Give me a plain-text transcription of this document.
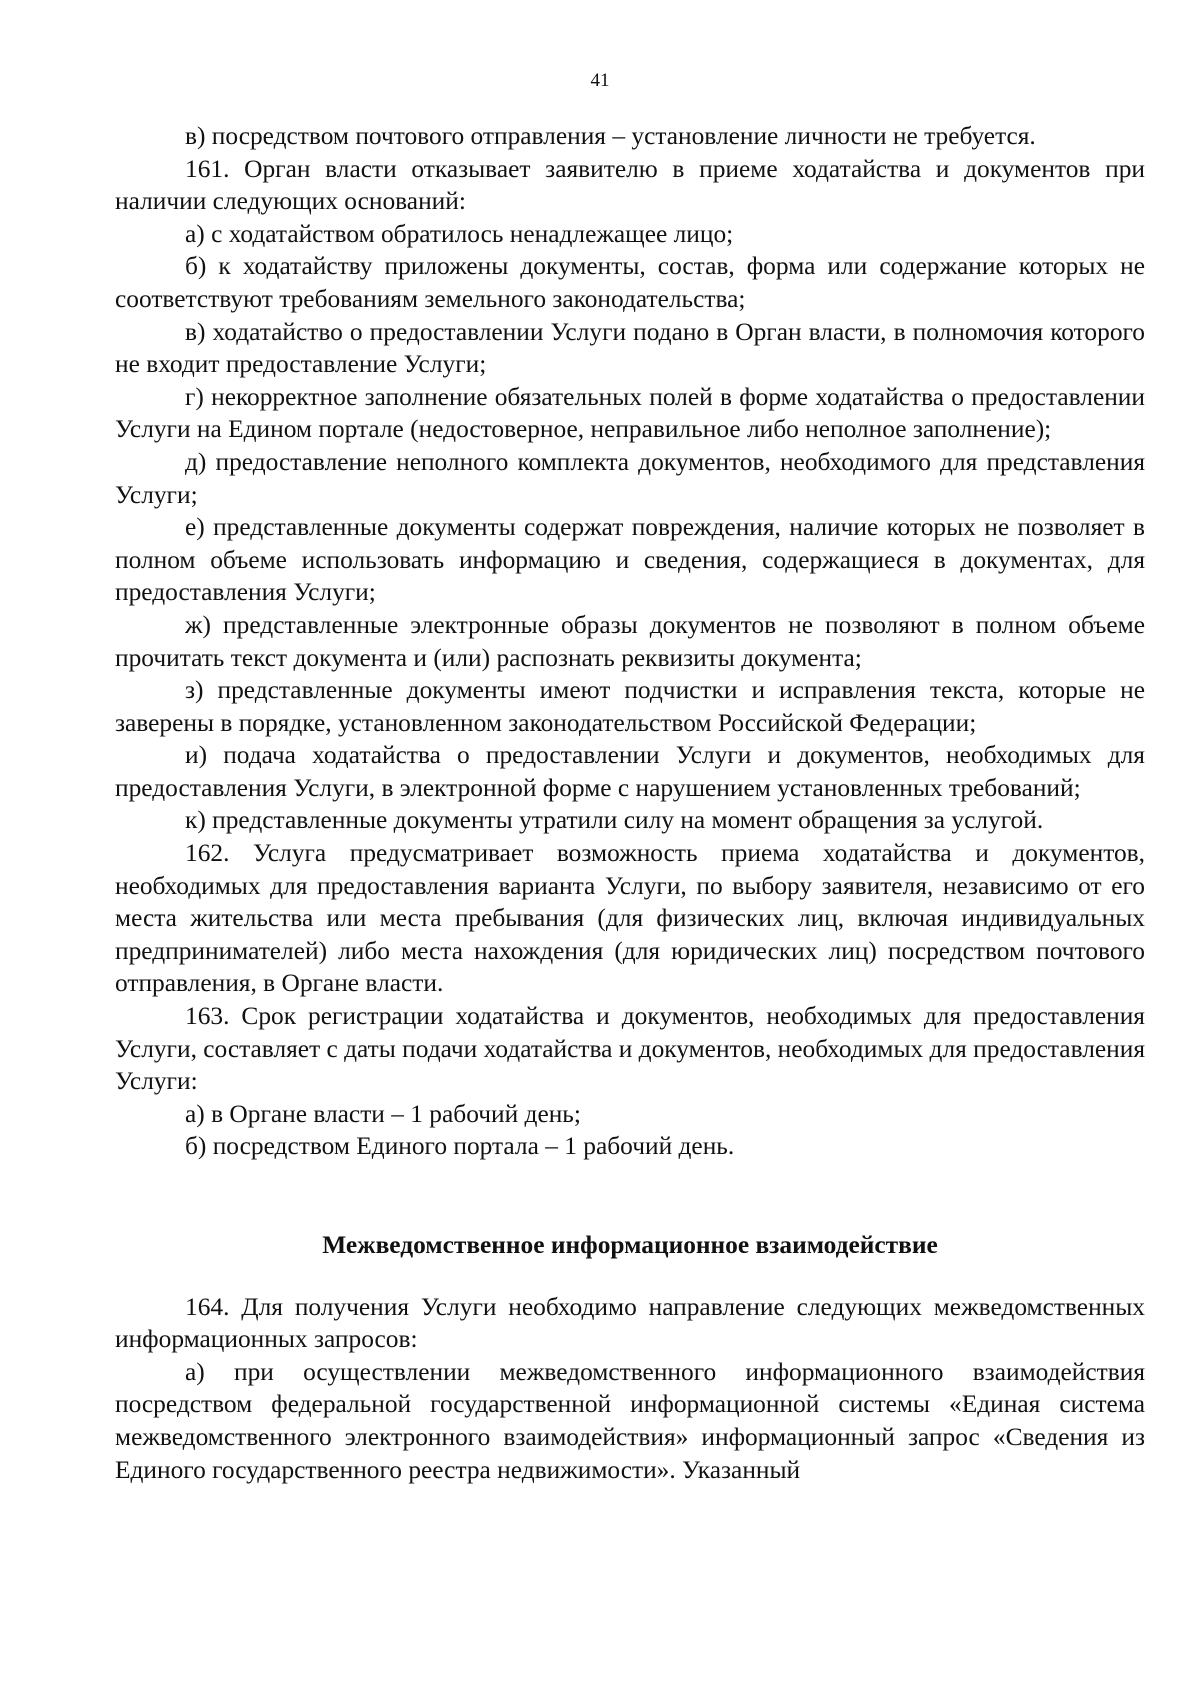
41

в) посредством почтового отправления – установление личности не требуется.

161. Орган власти отказывает заявителю в приеме ходатайства и документов при наличии следующих оснований:

а) с ходатайством обратилось ненадлежащее лицо;

б) к ходатайству приложены документы, состав, форма или содержание которых не соответствуют требованиям земельного законодательства;

в) ходатайство о предоставлении Услуги подано в Орган власти, в полномочия которого не входит предоставление Услуги;

г) некорректное заполнение обязательных полей в форме ходатайства о предоставлении Услуги на Едином портале (недостоверное, неправильное либо неполное заполнение);

д) предоставление неполного комплекта документов, необходимого для представления Услуги;

е) представленные документы содержат повреждения, наличие которых не позволяет в полном объеме использовать информацию и сведения, содержащиеся в документах, для предоставления Услуги;

ж) представленные электронные образы документов не позволяют в полном объеме прочитать текст документа и (или) распознать реквизиты документа;

з) представленные документы имеют подчистки и исправления текста, которые не заверены в порядке, установленном законодательством Российской Федерации;

и) подача ходатайства о предоставлении Услуги и документов, необходимых для предоставления Услуги, в электронной форме с нарушением установленных требований;

к) представленные документы утратили силу на момент обращения за услугой.

162. Услуга предусматривает возможность приема ходатайства и документов, необходимых для предоставления варианта Услуги, по выбору заявителя, независимо от его места жительства или места пребывания (для физических лиц, включая индивидуальных предпринимателей) либо места нахождения (для юридических лиц) посредством почтового отправления, в Органе власти.

163. Срок регистрации ходатайства и документов, необходимых для предоставления Услуги, составляет с даты подачи ходатайства и документов, необходимых для предоставления Услуги:

а) в Органе власти – 1 рабочий день;

б) посредством Единого портала – 1 рабочий день.

Межведомственное информационное взаимодействие

164. Для получения Услуги необходимо направление следующих межведомственных информационных запросов:

а) при осуществлении межведомственного информационного взаимодействия посредством федеральной государственной информационной системы «Единая система межведомственного электронного взаимодействия» информационный запрос «Сведения из Единого государственного реестра недвижимости». Указанный
